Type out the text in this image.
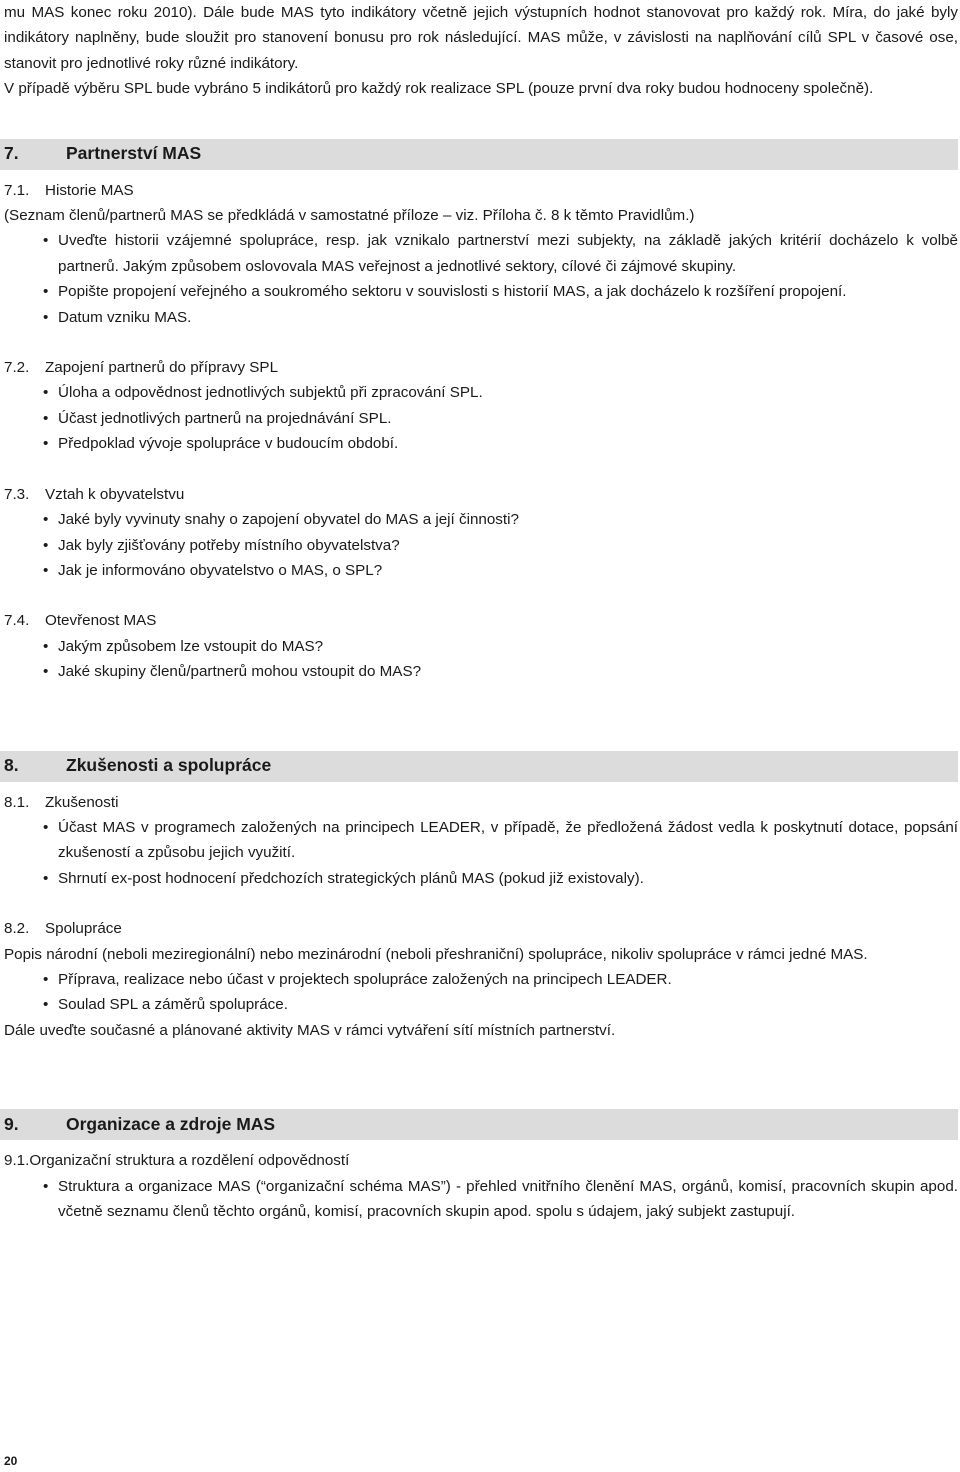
mu MAS konec roku 2010). Dále bude MAS tyto indikátory včetně jejich výstupních hodnot stanovovat pro každý rok. Míra, do jaké byly indikátory naplněny, bude sloužit pro stanovení bonusu pro rok následující. MAS může, v závislosti na naplňování cílů SPL v časové ose, stanovit pro jednotlivé roky různé indikátory.

V případě výběru SPL bude vybráno 5 indikátorů pro každý rok realizace SPL (pouze první dva roky budou hodnoceny společně).

7.	Partnerství MAS
7.1.	Historie MAS

(Seznam členů/partnerů MAS se předkládá v samostatné příloze – viz. Příloha č. 8 k těmto Pravidlům.)

• Uveďte historii vzájemné spolupráce, resp. jak vznikalo partnerství mezi subjekty, na základě jakých kritérií docházelo k volbě partnerů. Jakým způsobem oslovovala MAS veřejnost a jednotlivé sektory, cílové či zájmové skupiny.
• Popište propojení veřejného a soukromého sektoru v souvislosti s historií MAS, a jak docházelo k rozšíření propojení.
• Datum vzniku MAS.
7.2.	Zapojení partnerů do přípravy SPL
• Úloha a odpovědnost jednotlivých subjektů při zpracování SPL.
• Účast jednotlivých partnerů na projednávání SPL.
• Předpoklad vývoje spolupráce v budoucím období.
7.3.	Vztah k obyvatelstvu
• Jaké byly vyvinuty snahy o zapojení obyvatel do MAS a její činnosti?
• Jak byly zjišťovány potřeby místního obyvatelstva?
• Jak je informováno obyvatelstvo o MAS, o SPL?
7.4.	Otevřenost MAS
• Jakým způsobem lze vstoupit do MAS?
• Jaké skupiny členů/partnerů mohou vstoupit do MAS?
8.	Zkušenosti a spolupráce
8.1.	Zkušenosti
• Účast MAS v programech založených na principech LEADER, v případě, že předložená žádost vedla k poskytnutí dotace, popsání zkušeností a způsobu jejich využití.
• Shrnutí ex-post hodnocení předchozích strategických plánů MAS (pokud již existovaly).
8.2.	Spolupráce

Popis národní (neboli meziregionální) nebo mezinárodní (neboli přeshraniční) spolupráce, nikoliv spolupráce v rámci jedné MAS.

• Příprava, realizace nebo účast v projektech spolupráce založených na principech LEADER.
• Soulad SPL a záměrů spolupráce.

Dále uveďte současné a plánované aktivity MAS v rámci vytváření sítí místních partnerství.

9.	Organizace a zdroje MAS
9.1. Organizační struktura a rozdělení odpovědností
• Struktura a organizace MAS (“organizační schéma MAS”) - přehled vnitřního členění MAS, orgánů, komisí, pracovních skupin apod. včetně seznamu členů těchto orgánů, komisí, pracovních skupin apod. spolu s údajem, jaký subjekt zastupují.
20
